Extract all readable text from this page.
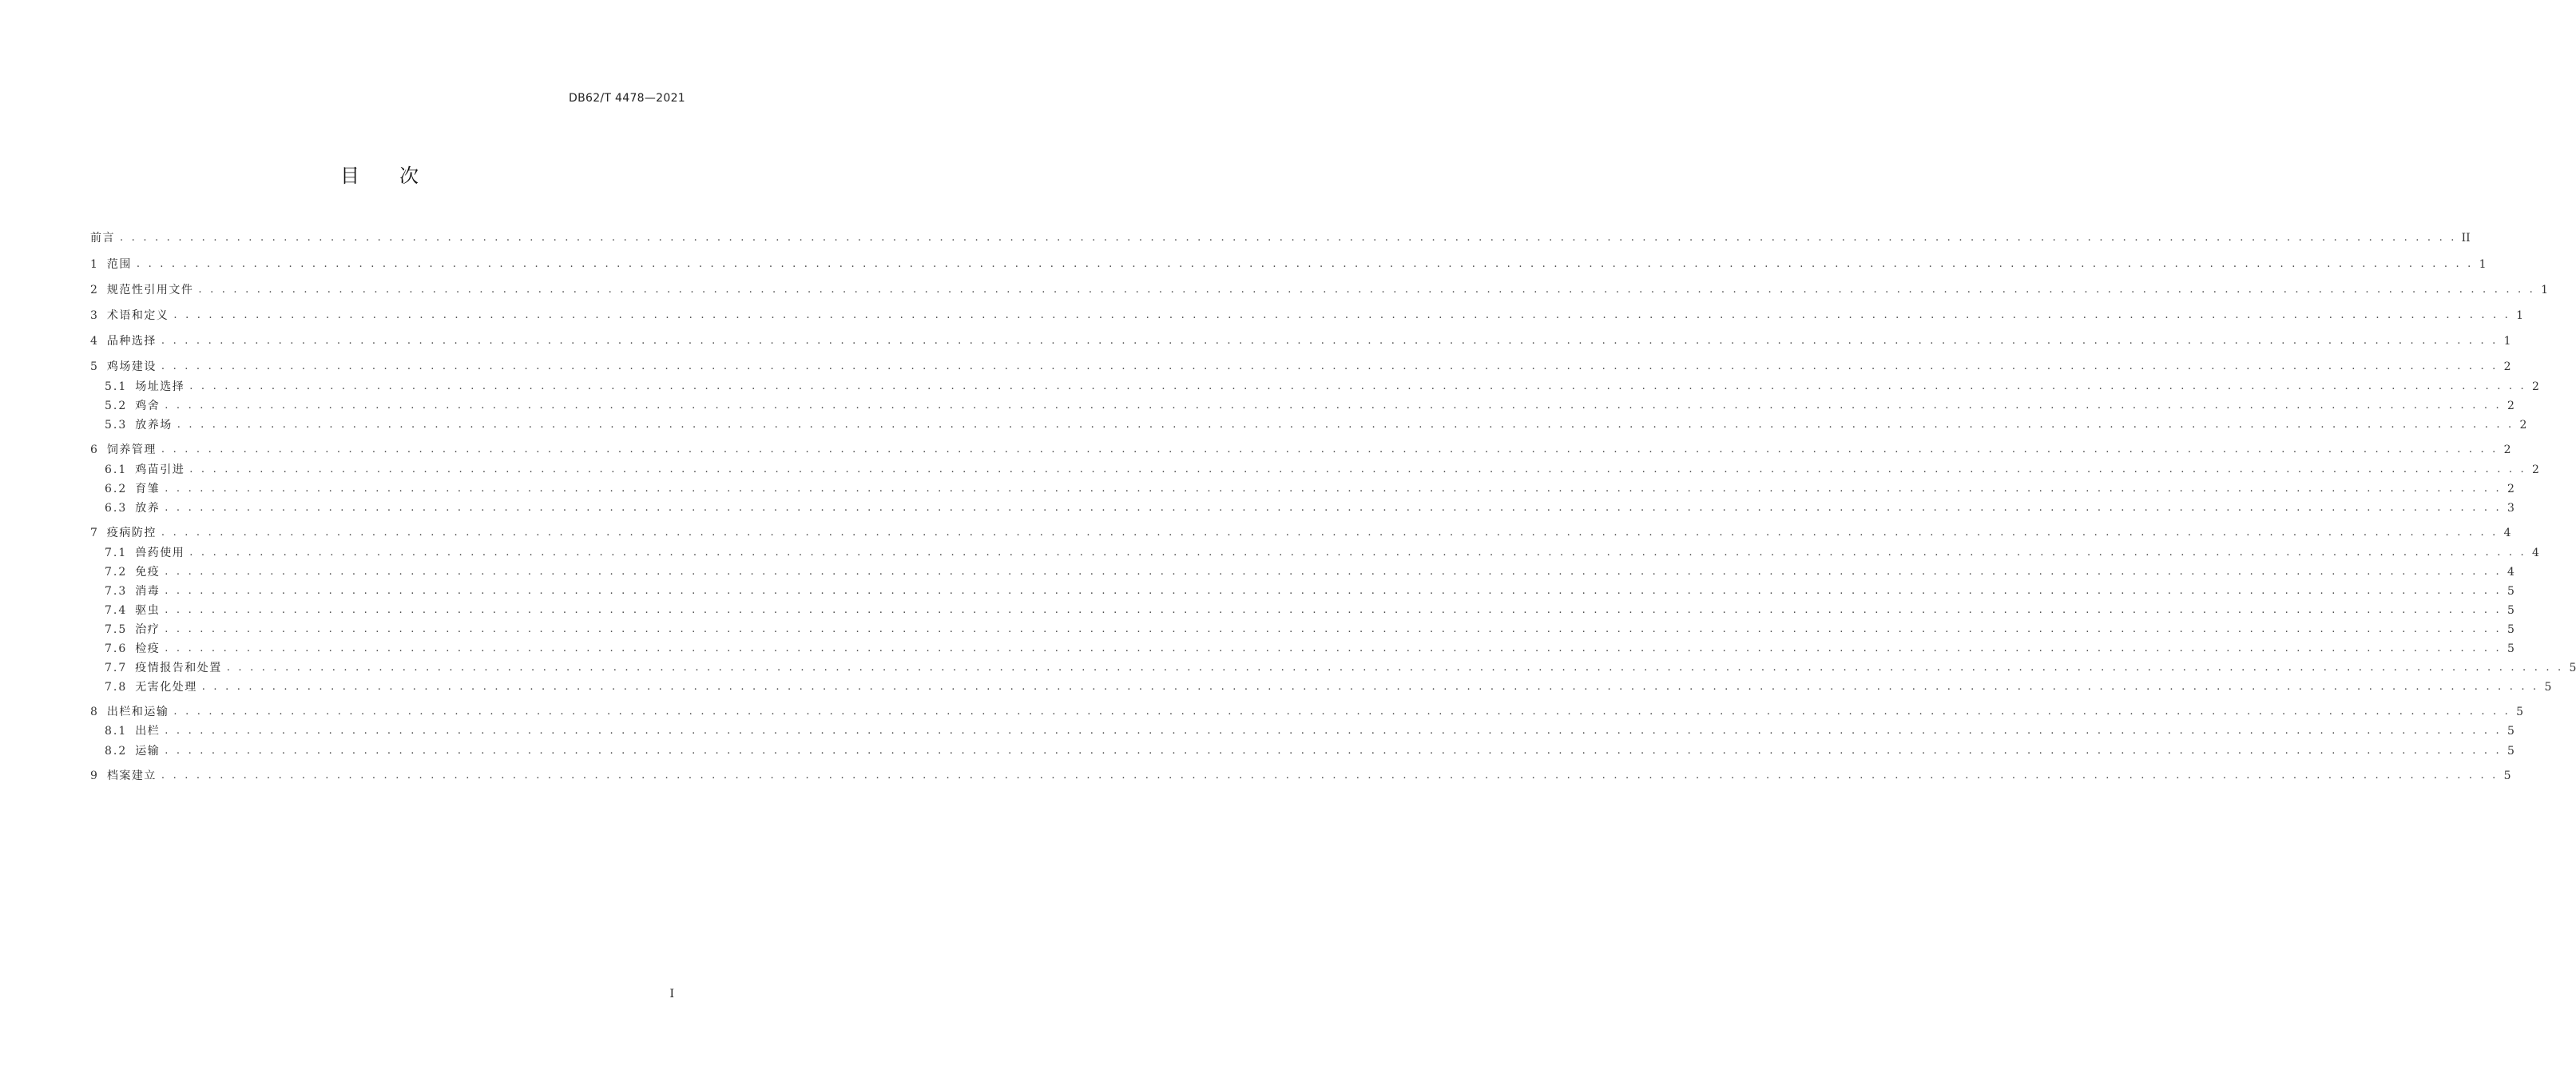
DB62/T 4478—2021
目 次
前言 . . . . . . . . . . . . . . . . . . . . . . . . . . . . . . . . . . . . . . . . . . . . . . . . . . . . . . . . . . . . . . . . . . . . . . . . . . . . . . . . . . . . . . . . . . . . . . . . . . . . . . . . . . . . . . . . . . . . . . . . . . . . . . . . . . . . . . . . . . . . . . . . . . . . . . . . . . . . . . . . . . . . . . . . . . . . . . . . . . . . . . . . . . . . . . . . . . . . . . . . II
1 范围 . . . . . . . . . . . . . . . . . . . . . . . . . . . . . . . . . . . . . . . . . . . . . . . . . . . . . . . . . . . . . . . . . . . . . . . . . . . . . . . . . . . . . . . . . . . . . . . . . . . . . . . . . . . . . . . . . . . . . . . . . . . . . . . . . . . . . . . . . . . . . . . . . . . . . . . . . . . . . . . . . . . . . . . . . . . . . . . . . . . . . . . . . . . . . . . . . . . . . . . . 1
2 规范性引用文件 . . . . . . . . . . . . . . . . . . . . . . . . . . . . . . . . . . . . . . . . . . . . . . . . . . . . . . . . . . . . . . . . . . . . . . . . . . . . . . . . . . . . . . . . . . . . . . . . . . . . . . . . . . . . . . . . . . . . . . . . . . . . . . . . . . . . . . . . . . . . . . . . . . . . . . . . . . . . . . . . . . . . . . . . . . . . . . . . . . . . . . . . . . . . . . . . . . . . . . . . 1
3 术语和定义 . . . . . . . . . . . . . . . . . . . . . . . . . . . . . . . . . . . . . . . . . . . . . . . . . . . . . . . . . . . . . . . . . . . . . . . . . . . . . . . . . . . . . . . . . . . . . . . . . . . . . . . . . . . . . . . . . . . . . . . . . . . . . . . . . . . . . . . . . . . . . . . . . . . . . . . . . . . . . . . . . . . . . . . . . . . . . . . . . . . . . . . . . . . . . . . . . . . . . . . . 1
4 品种选择 . . . . . . . . . . . . . . . . . . . . . . . . . . . . . . . . . . . . . . . . . . . . . . . . . . . . . . . . . . . . . . . . . . . . . . . . . . . . . . . . . . . . . . . . . . . . . . . . . . . . . . . . . . . . . . . . . . . . . . . . . . . . . . . . . . . . . . . . . . . . . . . . . . . . . . . . . . . . . . . . . . . . . . . . . . . . . . . . . . . . . . . . . . . . . . . . . . . . . . . . 1
5 鸡场建设 . . . . . . . . . . . . . . . . . . . . . . . . . . . . . . . . . . . . . . . . . . . . . . . . . . . . . . . . . . . . . . . . . . . . . . . . . . . . . . . . . . . . . . . . . . . . . . . . . . . . . . . . . . . . . . . . . . . . . . . . . . . . . . . . . . . . . . . . . . . . . . . . . . . . . . . . . . . . . . . . . . . . . . . . . . . . . . . . . . . . . . . . . . . . . . . . . . . . . . . . 2
5.1 场址选择 . . . . . . . . . . . . . . . . . . . . . . . . . . . . . . . . . . . . . . . . . . . . . . . . . . . . . . . . . . . . . . . . . . . . . . . . . . . . . . . . . . . . . . . . . . . . . . . . . . . . . . . . . . . . . . . . . . . . . . . . . . . . . . . . . . . . . . . . . . . . . . . . . . . . . . . . . . . . . . . . . . . . . . . . . . . . . . . . . . . . . . . . . . . . . . . . . . . . . . . . 2
5.2 鸡舍 . . . . . . . . . . . . . . . . . . . . . . . . . . . . . . . . . . . . . . . . . . . . . . . . . . . . . . . . . . . . . . . . . . . . . . . . . . . . . . . . . . . . . . . . . . . . . . . . . . . . . . . . . . . . . . . . . . . . . . . . . . . . . . . . . . . . . . . . . . . . . . . . . . . . . . . . . . . . . . . . . . . . . . . . . . . . . . . . . . . . . . . . . . . . . . . . . . . . . . . . 2
5.3 放养场 . . . . . . . . . . . . . . . . . . . . . . . . . . . . . . . . . . . . . . . . . . . . . . . . . . . . . . . . . . . . . . . . . . . . . . . . . . . . . . . . . . . . . . . . . . . . . . . . . . . . . . . . . . . . . . . . . . . . . . . . . . . . . . . . . . . . . . . . . . . . . . . . . . . . . . . . . . . . . . . . . . . . . . . . . . . . . . . . . . . . . . . . . . . . . . . . . . . . . . . . 2
6 饲养管理 . . . . . . . . . . . . . . . . . . . . . . . . . . . . . . . . . . . . . . . . . . . . . . . . . . . . . . . . . . . . . . . . . . . . . . . . . . . . . . . . . . . . . . . . . . . . . . . . . . . . . . . . . . . . . . . . . . . . . . . . . . . . . . . . . . . . . . . . . . . . . . . . . . . . . . . . . . . . . . . . . . . . . . . . . . . . . . . . . . . . . . . . . . . . . . . . . . . . . . . . 2
6.1 鸡苗引进 . . . . . . . . . . . . . . . . . . . . . . . . . . . . . . . . . . . . . . . . . . . . . . . . . . . . . . . . . . . . . . . . . . . . . . . . . . . . . . . . . . . . . . . . . . . . . . . . . . . . . . . . . . . . . . . . . . . . . . . . . . . . . . . . . . . . . . . . . . . . . . . . . . . . . . . . . . . . . . . . . . . . . . . . . . . . . . . . . . . . . . . . . . . . . . . . . . . . . . . . 2
6.2 育雏 . . . . . . . . . . . . . . . . . . . . . . . . . . . . . . . . . . . . . . . . . . . . . . . . . . . . . . . . . . . . . . . . . . . . . . . . . . . . . . . . . . . . . . . . . . . . . . . . . . . . . . . . . . . . . . . . . . . . . . . . . . . . . . . . . . . . . . . . . . . . . . . . . . . . . . . . . . . . . . . . . . . . . . . . . . . . . . . . . . . . . . . . . . . . . . . . . . . . . . . . 2
6.3 放养 . . . . . . . . . . . . . . . . . . . . . . . . . . . . . . . . . . . . . . . . . . . . . . . . . . . . . . . . . . . . . . . . . . . . . . . . . . . . . . . . . . . . . . . . . . . . . . . . . . . . . . . . . . . . . . . . . . . . . . . . . . . . . . . . . . . . . . . . . . . . . . . . . . . . . . . . . . . . . . . . . . . . . . . . . . . . . . . . . . . . . . . . . . . . . . . . . . . . . . . . 3
7 疫病防控 . . . . . . . . . . . . . . . . . . . . . . . . . . . . . . . . . . . . . . . . . . . . . . . . . . . . . . . . . . . . . . . . . . . . . . . . . . . . . . . . . . . . . . . . . . . . . . . . . . . . . . . . . . . . . . . . . . . . . . . . . . . . . . . . . . . . . . . . . . . . . . . . . . . . . . . . . . . . . . . . . . . . . . . . . . . . . . . . . . . . . . . . . . . . . . . . . . . . . . . . 4
7.1 兽药使用 . . . . . . . . . . . . . . . . . . . . . . . . . . . . . . . . . . . . . . . . . . . . . . . . . . . . . . . . . . . . . . . . . . . . . . . . . . . . . . . . . . . . . . . . . . . . . . . . . . . . . . . . . . . . . . . . . . . . . . . . . . . . . . . . . . . . . . . . . . . . . . . . . . . . . . . . . . . . . . . . . . . . . . . . . . . . . . . . . . . . . . . . . . . . . . . . . . . . . . . . 4
7.2 免疫 . . . . . . . . . . . . . . . . . . . . . . . . . . . . . . . . . . . . . . . . . . . . . . . . . . . . . . . . . . . . . . . . . . . . . . . . . . . . . . . . . . . . . . . . . . . . . . . . . . . . . . . . . . . . . . . . . . . . . . . . . . . . . . . . . . . . . . . . . . . . . . . . . . . . . . . . . . . . . . . . . . . . . . . . . . . . . . . . . . . . . . . . . . . . . . . . . . . . . . . . 4
7.3 消毒 . . . . . . . . . . . . . . . . . . . . . . . . . . . . . . . . . . . . . . . . . . . . . . . . . . . . . . . . . . . . . . . . . . . . . . . . . . . . . . . . . . . . . . . . . . . . . . . . . . . . . . . . . . . . . . . . . . . . . . . . . . . . . . . . . . . . . . . . . . . . . . . . . . . . . . . . . . . . . . . . . . . . . . . . . . . . . . . . . . . . . . . . . . . . . . . . . . . . . . . . 5
7.4 驱虫 . . . . . . . . . . . . . . . . . . . . . . . . . . . . . . . . . . . . . . . . . . . . . . . . . . . . . . . . . . . . . . . . . . . . . . . . . . . . . . . . . . . . . . . . . . . . . . . . . . . . . . . . . . . . . . . . . . . . . . . . . . . . . . . . . . . . . . . . . . . . . . . . . . . . . . . . . . . . . . . . . . . . . . . . . . . . . . . . . . . . . . . . . . . . . . . . . . . . . . . . 5
7.5 治疗 . . . . . . . . . . . . . . . . . . . . . . . . . . . . . . . . . . . . . . . . . . . . . . . . . . . . . . . . . . . . . . . . . . . . . . . . . . . . . . . . . . . . . . . . . . . . . . . . . . . . . . . . . . . . . . . . . . . . . . . . . . . . . . . . . . . . . . . . . . . . . . . . . . . . . . . . . . . . . . . . . . . . . . . . . . . . . . . . . . . . . . . . . . . . . . . . . . . . . . . . 5
7.6 检疫 . . . . . . . . . . . . . . . . . . . . . . . . . . . . . . . . . . . . . . . . . . . . . . . . . . . . . . . . . . . . . . . . . . . . . . . . . . . . . . . . . . . . . . . . . . . . . . . . . . . . . . . . . . . . . . . . . . . . . . . . . . . . . . . . . . . . . . . . . . . . . . . . . . . . . . . . . . . . . . . . . . . . . . . . . . . . . . . . . . . . . . . . . . . . . . . . . . . . . . . . 5
7.7 疫情报告和处置 . . . . . . . . . . . . . . . . . . . . . . . . . . . . . . . . . . . . . . . . . . . . . . . . . . . . . . . . . . . . . . . . . . . . . . . . . . . . . . . . . . . . . . . . . . . . . . . . . . . . . . . . . . . . . . . . . . . . . . . . . . . . . . . . . . . . . . . . . . . . . . . . . . . . . . . . . . . . . . . . . . . . . . . . . . . . . . . . . . . . . . . . . . . . . . . . . . . . . . . . 5
7.8 无害化处理 . . . . . . . . . . . . . . . . . . . . . . . . . . . . . . . . . . . . . . . . . . . . . . . . . . . . . . . . . . . . . . . . . . . . . . . . . . . . . . . . . . . . . . . . . . . . . . . . . . . . . . . . . . . . . . . . . . . . . . . . . . . . . . . . . . . . . . . . . . . . . . . . . . . . . . . . . . . . . . . . . . . . . . . . . . . . . . . . . . . . . . . . . . . . . . . . . . . . . . . . 5
8 出栏和运输 . . . . . . . . . . . . . . . . . . . . . . . . . . . . . . . . . . . . . . . . . . . . . . . . . . . . . . . . . . . . . . . . . . . . . . . . . . . . . . . . . . . . . . . . . . . . . . . . . . . . . . . . . . . . . . . . . . . . . . . . . . . . . . . . . . . . . . . . . . . . . . . . . . . . . . . . . . . . . . . . . . . . . . . . . . . . . . . . . . . . . . . . . . . . . . . . . . . . . . . . 5
8.1 出栏 . . . . . . . . . . . . . . . . . . . . . . . . . . . . . . . . . . . . . . . . . . . . . . . . . . . . . . . . . . . . . . . . . . . . . . . . . . . . . . . . . . . . . . . . . . . . . . . . . . . . . . . . . . . . . . . . . . . . . . . . . . . . . . . . . . . . . . . . . . . . . . . . . . . . . . . . . . . . . . . . . . . . . . . . . . . . . . . . . . . . . . . . . . . . . . . . . . . . . . . . 5
8.2 运输 . . . . . . . . . . . . . . . . . . . . . . . . . . . . . . . . . . . . . . . . . . . . . . . . . . . . . . . . . . . . . . . . . . . . . . . . . . . . . . . . . . . . . . . . . . . . . . . . . . . . . . . . . . . . . . . . . . . . . . . . . . . . . . . . . . . . . . . . . . . . . . . . . . . . . . . . . . . . . . . . . . . . . . . . . . . . . . . . . . . . . . . . . . . . . . . . . . . . . . . . 5
9 档案建立 . . . . . . . . . . . . . . . . . . . . . . . . . . . . . . . . . . . . . . . . . . . . . . . . . . . . . . . . . . . . . . . . . . . . . . . . . . . . . . . . . . . . . . . . . . . . . . . . . . . . . . . . . . . . . . . . . . . . . . . . . . . . . . . . . . . . . . . . . . . . . . . . . . . . . . . . . . . . . . . . . . . . . . . . . . . . . . . . . . . . . . . . . . . . . . . . . . . . . . . . 5
I
